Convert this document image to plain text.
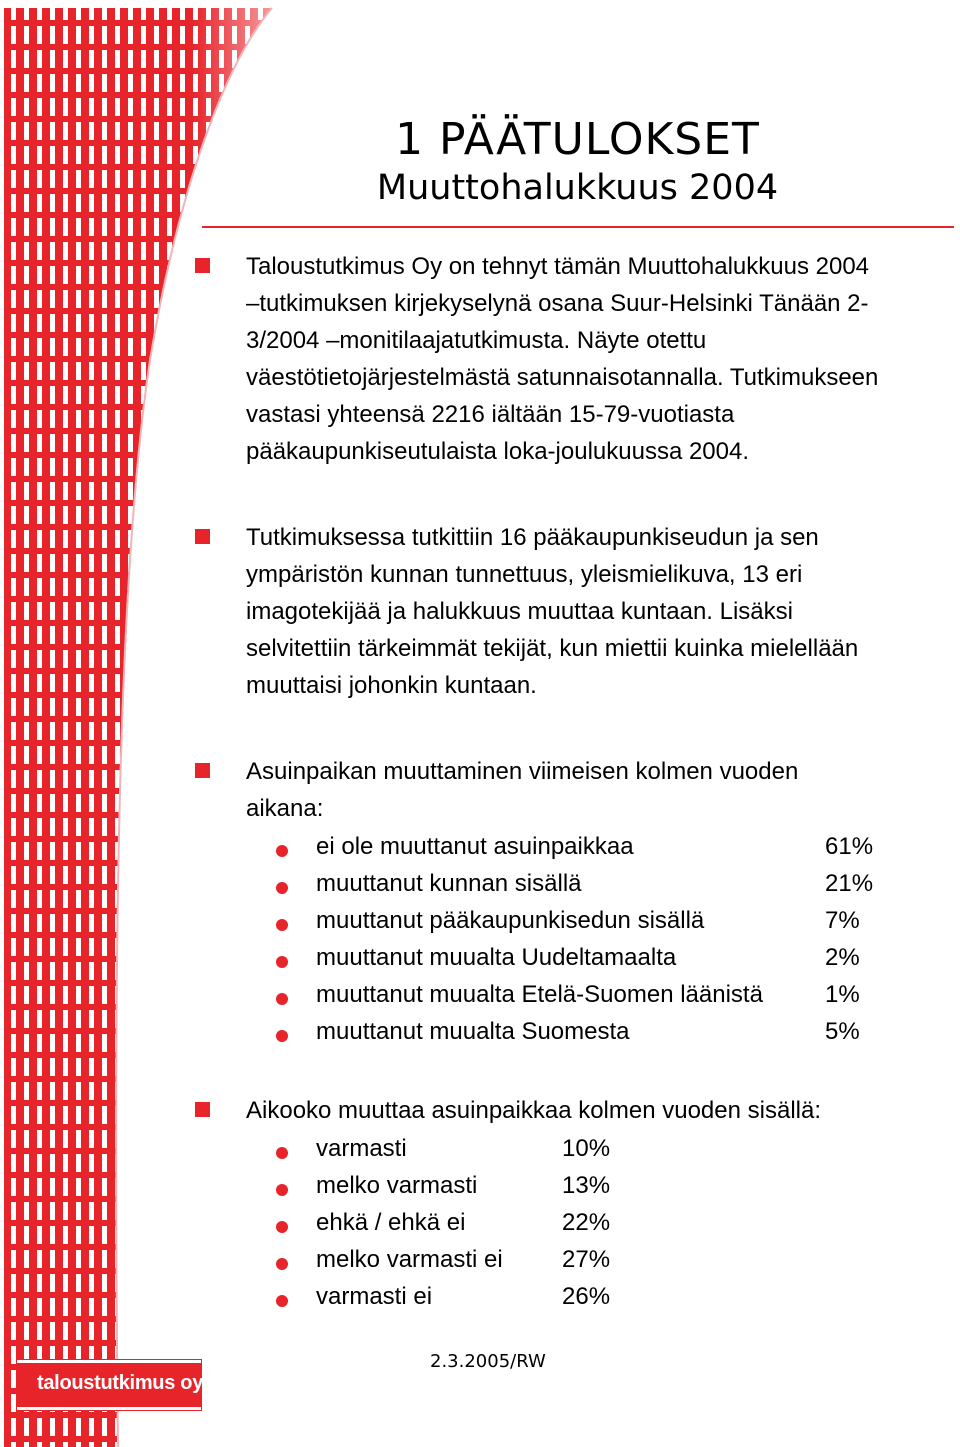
1 PÄÄTULOKSET
Muuttohalukkuus 2004

Taloustutkimus Oy on tehnyt tämän Muuttohalukkuus 2004
–tutkimuksen kirjekyselynä osana Suur-Helsinki Tänään 2-
3/2004 –monitilaajatutkimusta. Näyte otettu
väestötietojärjestelmästä satunnaisotannalla. Tutkimukseen
vastasi yhteensä 2216 iältään 15-79-vuotiasta
pääkaupunkiseutulaista loka-joulukuussa 2004.

Tutkimuksessa tutkittiin 16 pääkaupunkiseudun ja sen
ympäristön kunnan tunnettuus, yleismielikuva, 13 eri
imagotekijää ja halukkuus muuttaa kuntaan. Lisäksi
selvitettiin tärkeimmät tekijät, kun miettii kuinka mielellään
muuttaisi johonkin kuntaan.

Asuinpaikan muuttaminen viimeisen kolmen vuoden
aikana:

ei ole muuttanut asuinpaikkaa	61%
muuttanut kunnan sisällä	21%
muuttanut pääkaupunkisedun sisällä	7%
muuttanut muualta Uudeltamaalta	2%
muuttanut muualta Etelä-Suomen läänistä	1%
muuttanut muualta Suomesta	5%

Aikooko muuttaa asuinpaikkaa kolmen vuoden sisällä:

varmasti	10%
melko varmasti	13%
ehkä / ehkä ei	22%
melko varmasti ei 27%
varmasti ei	26%
2.3.2005/RW
taloustutkimus oy
